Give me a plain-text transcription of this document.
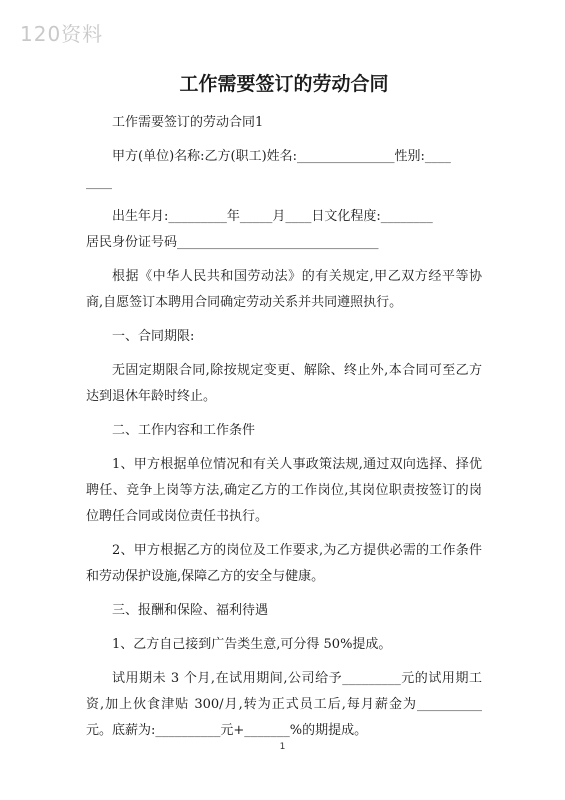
120资料
工作需要签订的劳动合同

工作需要签订的劳动合同1

甲方(单位)名称:乙方(职工)姓名:_______________性别:____

____

出生年月:_________年_____月____日文化程度:________

居民身份证号码_______________________________

根据《中华人民共和国劳动法》的有关规定,甲乙双方经平等协商,自愿签订本聘用合同确定劳动关系并共同遵照执行。

一、合同期限:

无固定期限合同,除按规定变更、解除、终止外,本合同可至乙方达到退休年龄时终止。

二、工作内容和工作条件

1、甲方根据单位情况和有关人事政策法规,通过双向选择、择优聘任、竞争上岗等方法,确定乙方的工作岗位,其岗位职责按签订的岗位聘任合同或岗位责任书执行。

2、甲方根据乙方的岗位及工作要求,为乙方提供必需的工作条件和劳动保护设施,保障乙方的安全与健康。

三、报酬和保险、福利待遇

1、乙方自己接到广告类生意,可分得 50%提成。

试用期未 3 个月,在试用期间,公司给予_________元的试用期工资,加上伙食津贴 300/月,转为正式员工后,每月薪金为__________元。底薪为:__________元+_______%的期提成。

1
